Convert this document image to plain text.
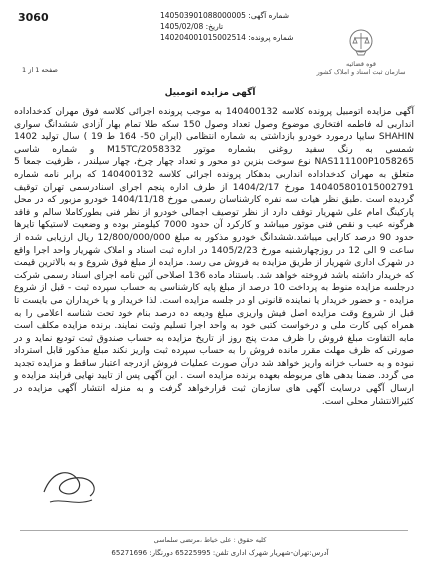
3060	شماره آگهی: 140503901088000005
تاریخ: 1405/02/08
شماره پرونده: 140204001015002514
صفحه 1 از 1
قوه قضائیه
سازمان ثبت اسناد و املاک کشور
آگهی مزایده اتومبیل

آگهی مزایده اتومبیل پرونده کلاسه 140400132 به موجب پرونده اجرائی کلاسه فوق مهران کدخداداده انداربی له فاطمه افتخاری موضوع وصول تعداد وصول 150 سکه طلا تمام بهار آزادی ششدانگ سواری SHAHIN سایپا درمورد خودرو بازداشتی به شماره انتظامی (ایران 50- 164 ط 19 ) سال تولید 1402 شمسی به رنگ سفید روغنی بشماره موتور M15TC/2058332 و شماره شاسی NAS111100P1058265 نوع سوخت بنزین دو محور و تعداد چهار چرخ، چهار سیلندر ، ظرفیت جمعا 5 متعلق به مهران کدخداداده انداربی بدهکار پرونده اجرائی کلاسه 140400132 که برابر نامه شماره 140405801015002791 مورخ 1404/2/17 از طرف اداره پنجم اجرای اسنادرسمی تهران توقیف گردیده است .طبق نظر هیات سه نفره کارشناسان رسمی مورخ 1404/11/18 خودرو مزبور که در محل پارکینگ امام علی شهریار توقف دارد از نظر توصیف اجمالی خودرو از نظر فنی بطورکاملا سالم و فاقد هرگونه عیب و نقص فنی موتور میباشد و کارکرد آن حدود 7000 کیلومتر بوده و وضعیت لاستیکها تایرها حدود 90 درصد کارایی میباشد.ششدانگ خودرو مذکور به مبلغ 12/800/000/000 ریال ارزیابی شده از ساعت 9 الی 12 در روزچهارشنبه مورخ 1405/2/23 در اداره ثبت اسناد و املاک شهریار واحد اجرا واقع در شهرک اداری شهریار از طریق مزایده به فروش می رسد. مزایده از مبلغ فوق شروع و به بالاترین قیمت که خریدار داشته باشد فروخته خواهد شد. باستناد ماده 136 اصلاحی آئین نامه اجرای اسناد رسمی شرکت درجلسه مزایده منوط به پرداخت 10 درصد از مبلغ پایه کارشناسی به حساب سپرده ثبت - قبل از شروع مزایده - و حضور خریدار یا نماینده قانونی او در جلسه مزایده است. لذا خریدار و یا خریداران می بایست تا قبل از شروع وقت مزایده اصل فیش واریزی مبلغ ودیعه ده درصد بنام خود تحت شناسه اعلامی را به همراه کپی کارت ملی و درخواست کتبی خود به واحد اجرا تسلیم وثبت نمایند. برنده مزایده مکلف است مابه التفاوت مبلغ فروش را ظرف مدت پنج روز از تاریخ مزایده به حساب صندوق ثبت تودیع نماید و در صورتی که ظرف مهلت مقرر مانده فروش را به حساب سپرده ثبت واریز نکند مبلغ مذکور قابل استرداد نبوده و به حساب خزانه واریز خواهد شد درآن صورت عملیات فروش ازدرجه اعتبار ساقط و مزایده تجدید می گردد. ضمنا بدهی های مربوطه بعهده برنده مزایده است . این آگهی پس از تایید نهایی فرایند مزایده و ارسال آگهی درسایت آگهی های سازمان ثبت قرارخواهد گرفت و به منزله انتشار آگهی مزایده در کثیرالانتشار محلی است.

کلیه حقوق : علی خیاط ،مرتضی سلماسی
آدرس:تهران-شهریار شهرک اداری تلفن: 65225995 دورنگار: 65271696
